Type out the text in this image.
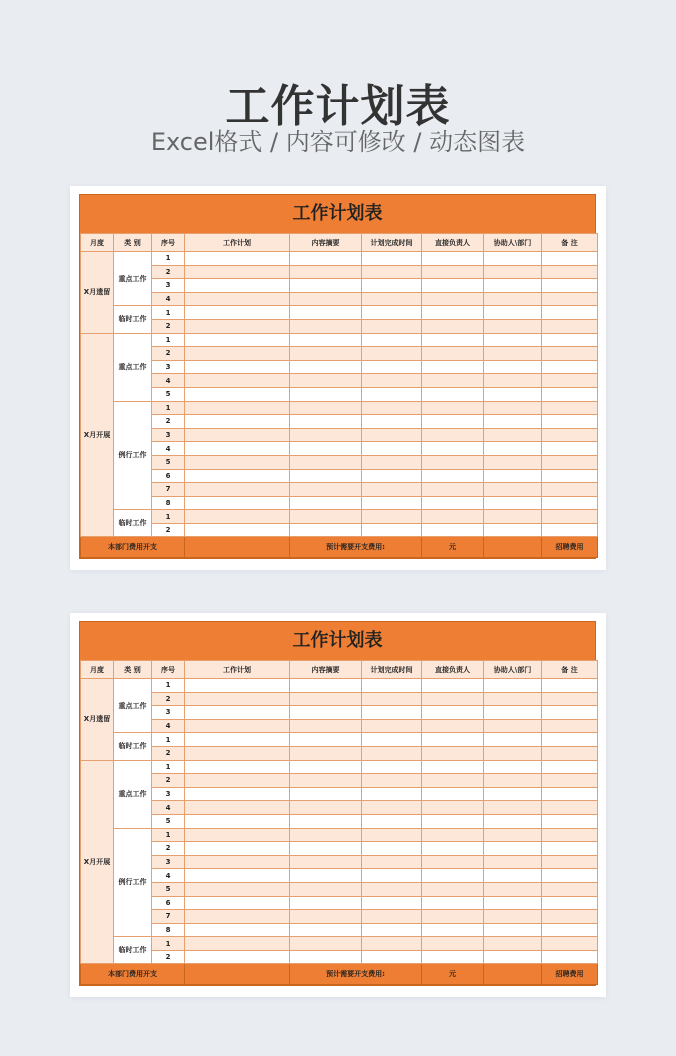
工作计划表
Excel格式 / 内容可修改 / 动态图表
工作计划表
月度	类 别	序号	工作计划	内容摘要	计划完成时间	直接负责人	协助人\部门	备 注
X月遗留	重点工作	1						
		2						
		3						
		4						
	临时工作	1						
		2						
X月开展	重点工作	1						
		2						
		3						
		4						
		5						
	例行工作	1						
		2						
		3						
		4						
		5						
		6						
		7						
		8						
	临时工作	1						
		2						
本部门费用开支				预计需要开支费用:		元		招聘费用
工作计划表
月度	类 别	序号	工作计划	内容摘要	计划完成时间	直接负责人	协助人\部门	备 注
X月遗留	重点工作	1						
		2						
		3						
		4						
	临时工作	1						
		2						
X月开展	重点工作	1						
		2						
		3						
		4						
		5						
	例行工作	1						
		2						
		3						
		4						
		5						
		6						
		7						
		8						
	临时工作	1						
		2						
本部门费用开支				预计需要开支费用:		元		招聘费用
